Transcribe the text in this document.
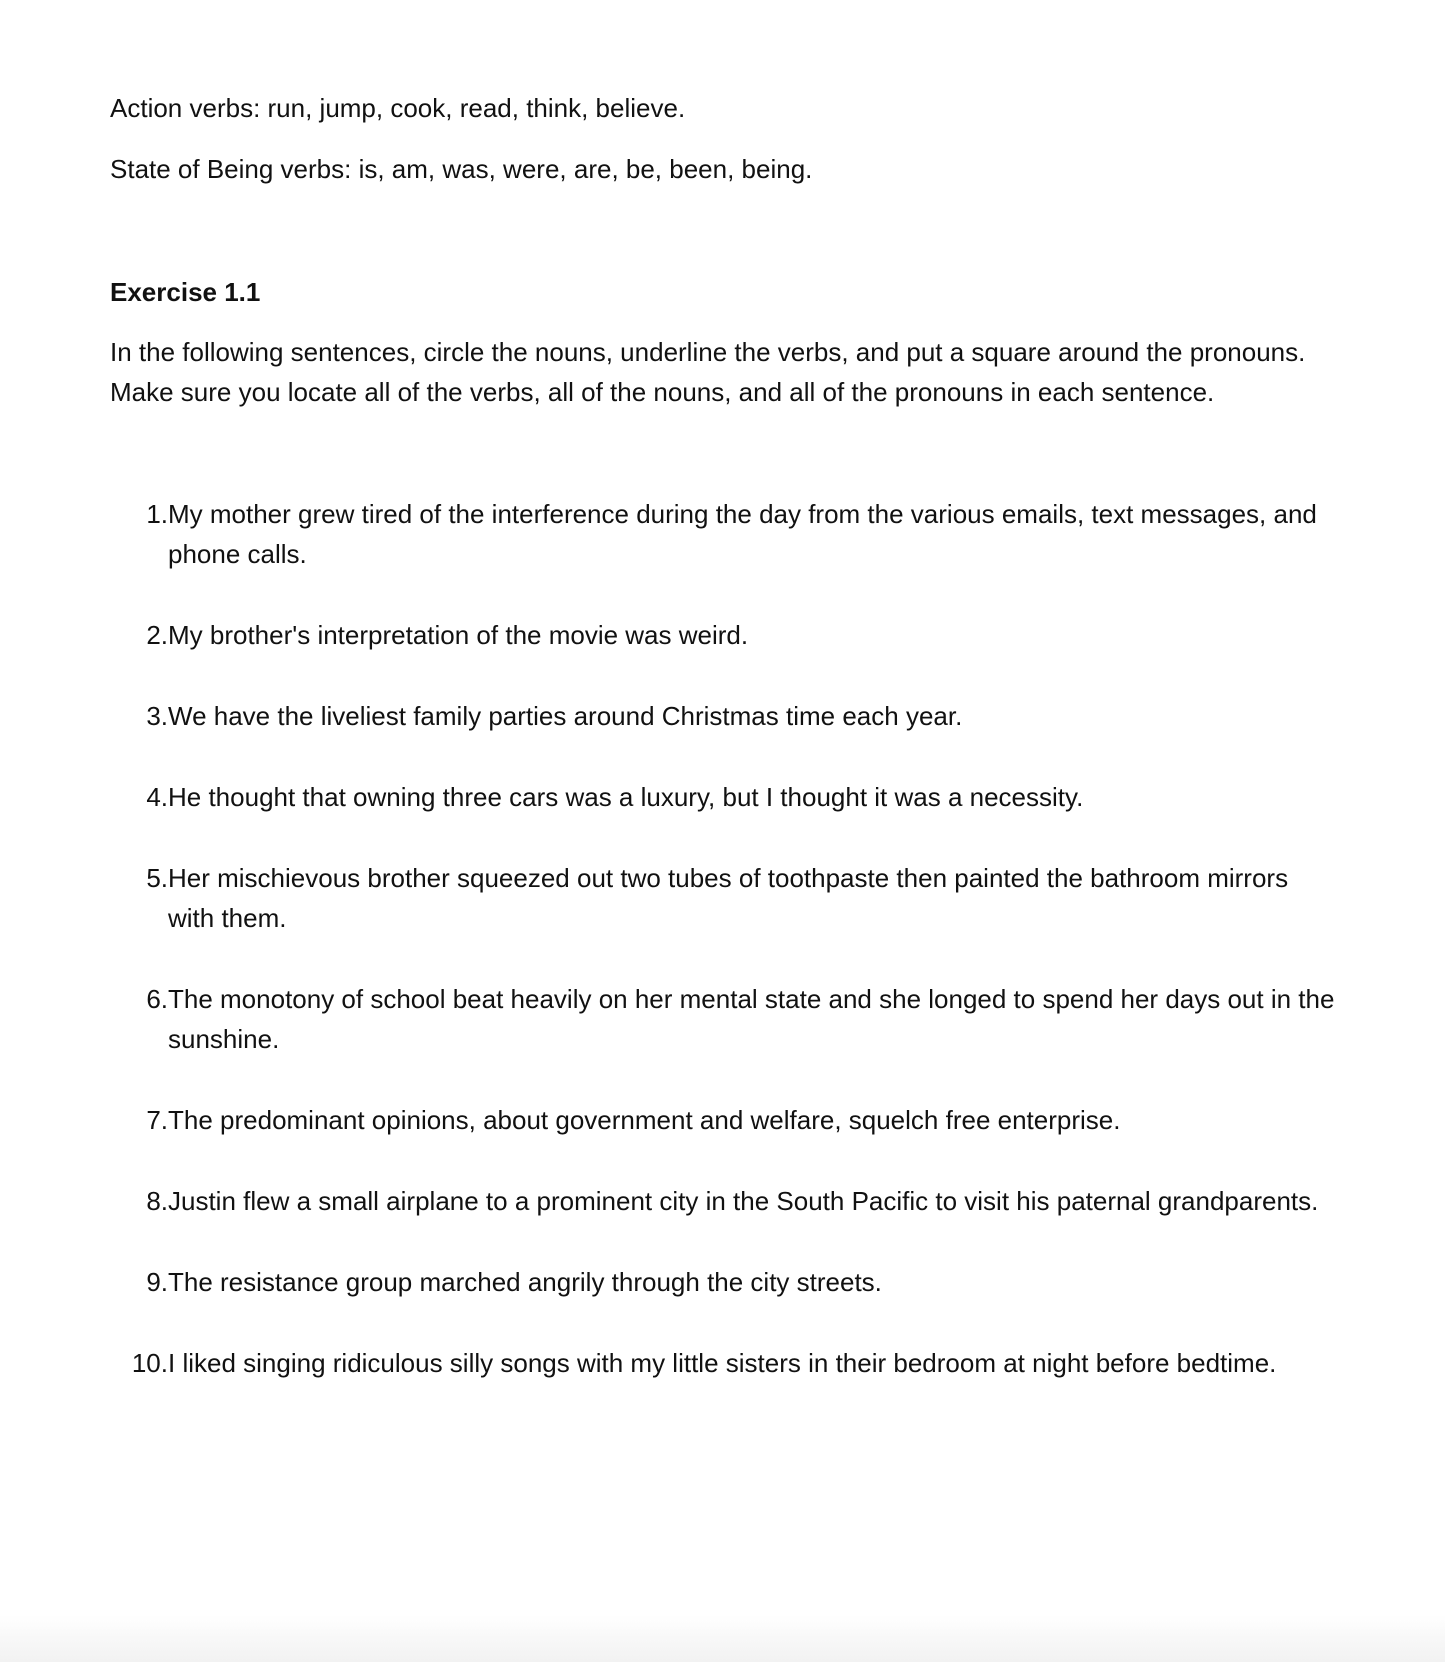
Action verbs: run, jump, cook, read, think, believe.

State of Being verbs: is, am, was, were, are, be, been, being.

Exercise 1.1

In the following sentences, circle the nouns, underline the verbs, and put a square around the pronouns. Make sure you locate all of the verbs, all of the nouns, and all of the pronouns in each sentence.

1. My mother grew tired of the interference during the day from the various emails, text messages, and phone calls.
2. My brother's interpretation of the movie was weird.
3. We have the liveliest family parties around Christmas time each year.
4. He thought that owning three cars was a luxury, but I thought it was a necessity.
5. Her mischievous brother squeezed out two tubes of toothpaste then painted the bathroom mirrors with them.
6. The monotony of school beat heavily on her mental state and she longed to spend her days out in the sunshine.
7. The predominant opinions, about government and welfare, squelch free enterprise.
8. Justin flew a small airplane to a prominent city in the South Pacific to visit his paternal grandparents.
9. The resistance group marched angrily through the city streets.
10. I liked singing ridiculous silly songs with my little sisters in their bedroom at night before bedtime.
